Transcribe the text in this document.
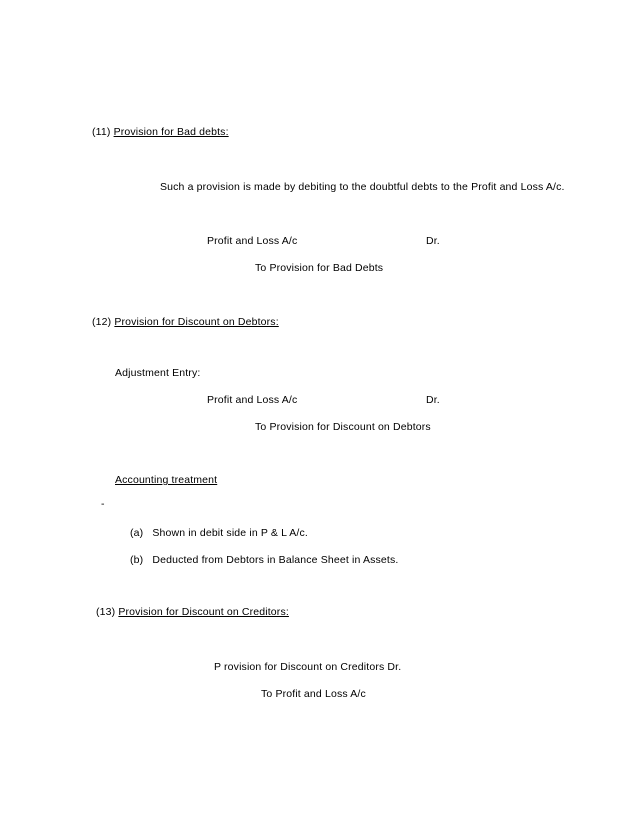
(11) Provision for Bad debts:
Such a provision is made by debiting to the doubtful debts to the Profit and Loss A/c.
Profit and Loss A/c	Dr.
To Provision for Bad Debts
(12) Provision for Discount on Debtors:
Adjustment Entry:
Profit and Loss A/c	Dr.
To Provision for Discount on Debtors
Accounting treatment
-
(a) Shown in debit side in P & L A/c.
(b) Deducted from Debtors in Balance Sheet in Assets.
(13) Provision for Discount on Creditors:
P rovision for Discount on Creditors Dr.
To Profit and Loss A/c
